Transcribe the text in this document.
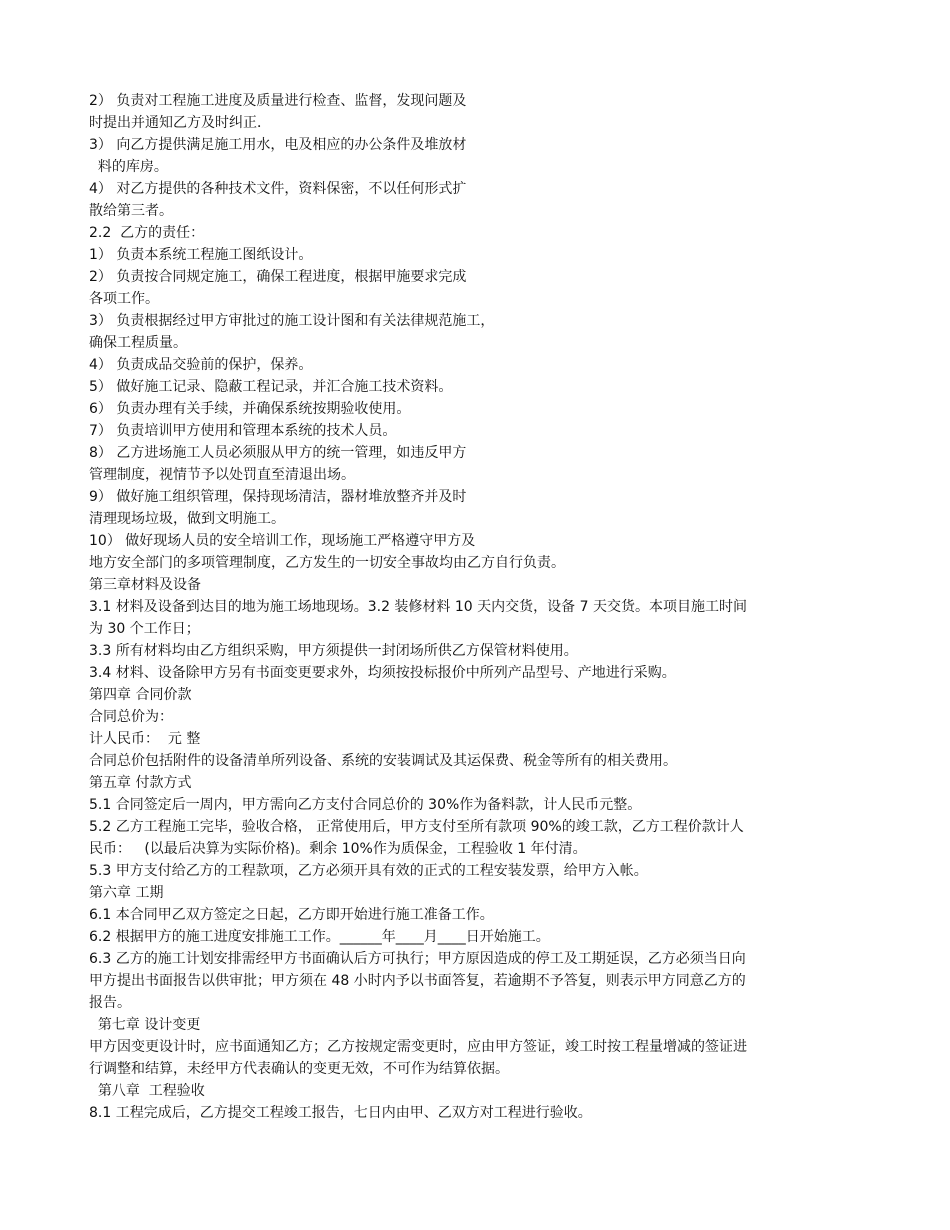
2） 负责对工程施工进度及质量进行检查、监督，发现问题及

时提出并通知乙方及时纠正．

3） 向乙方提供满足施工用水，电及相应的办公条件及堆放材

料的库房。

4） 对乙方提供的各种技术文件，资料保密，不以任何形式扩

散给第三者。

2.2  乙方的责任：

1） 负责本系统工程施工图纸设计。

2） 负责按合同规定施工，确保工程进度，根据甲施要求完成

各项工作。

3） 负责根据经过甲方审批过的施工设计图和有关法律规范施工，

确保工程质量。

4） 负责成品交验前的保护，保养。

5） 做好施工记录、隐蔽工程记录，并汇合施工技术资料。

6） 负责办理有关手续，并确保系统按期验收使用。

7） 负责培训甲方使用和管理本系统的技术人员。

8） 乙方进场施工人员必须服从甲方的统一管理，如违反甲方

管理制度，视情节予以处罚直至清退出场。

9） 做好施工组织管理，保持现场清洁，器材堆放整齐并及时

清理现场垃圾，做到文明施工。

10） 做好现场人员的安全培训工作，现场施工严格遵守甲方及

地方安全部门的多项管理制度，乙方发生的一切安全事故均由乙方自行负责。

第三章材料及设备

3.1 材料及设备到达目的地为施工场地现场。3.2 装修材料 10 天内交货，设备 7 天交货。本项目施工时间

为 30 个工作日；

3.3 所有材料均由乙方组织采购，甲方须提供一封闭场所供乙方保管材料使用。

3.4 材料、设备除甲方另有书面变更要求外，均须按投标报价中所列产品型号、产地进行采购。

第四章 合同价款

合同总价为：

计人民币：  元 整

合同总价包括附件的设备清单所列设备、系统的安装调试及其运保费、税金等所有的相关费用。

第五章 付款方式

5.1 合同签定后一周内，甲方需向乙方支付合同总价的 30%作为备料款，计人民币元整。

5.2 乙方工程施工完毕，验收合格， 正常使用后，甲方支付至所有款项 90%的竣工款，乙方工程价款计人

民币：   (以最后决算为实际价格)。剩余 10%作为质保金，工程验收 1 年付清。

5.3 甲方支付给乙方的工程款项，乙方必须开具有效的正式的工程安装发票，给甲方入帐。

第六章 工期

6.1 本合同甲乙双方签定之日起，乙方即开始进行施工准备工作。

6.2 根据甲方的施工进度安排施工工作。______年____月____日开始施工。

6.3 乙方的施工计划安排需经甲方书面确认后方可执行；甲方原因造成的停工及工期延误，乙方必须当日向

甲方提出书面报告以供审批；甲方须在 48 小时内予以书面答复，若逾期不予答复，则表示甲方同意乙方的

报告。

第七章 设计变更

甲方因变更设计时，应书面通知乙方；乙方按规定需变更时，应由甲方签证，竣工时按工程量增减的签证进

行调整和结算，未经甲方代表确认的变更无效，不可作为结算依据。

第八章  工程验收

8.1 工程完成后，乙方提交工程竣工报告，七日内由甲、乙双方对工程进行验收。
